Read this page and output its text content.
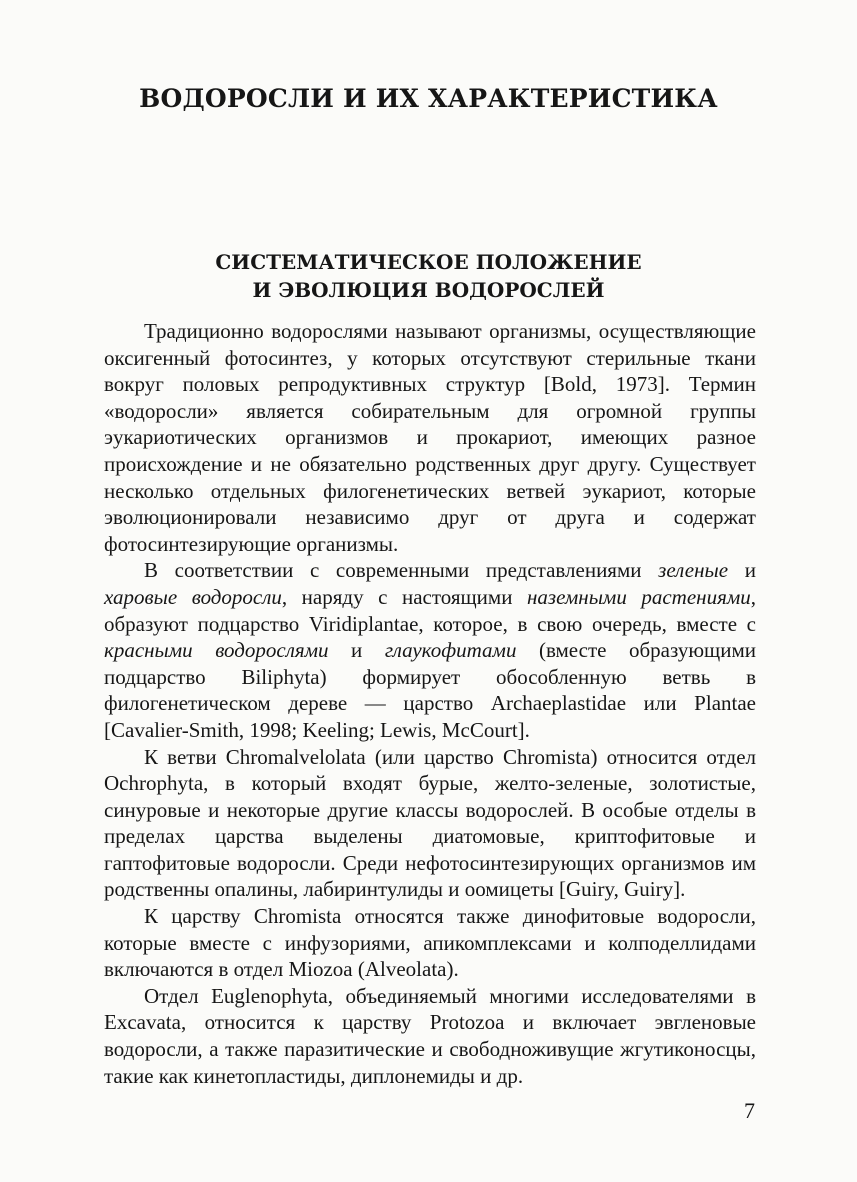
ВОДОРОСЛИ И ИХ ХАРАКТЕРИСТИКА
СИСТЕМАТИЧЕСКОЕ ПОЛОЖЕНИЕ
И ЭВОЛЮЦИЯ ВОДОРОСЛЕЙ

Традиционно водорослями называют организмы, осуществляющие оксигенный фотосинтез, у которых отсутствуют стерильные ткани вокруг половых репродуктивных структур [Bold, 1973]. Термин «водоросли» является собирательным для огромной группы эукариотических организмов и прокариот, имеющих разное происхождение и не обязательно родственных друг другу. Существует несколько отдельных филогенетических ветвей эукариот, которые эволюционировали независимо друг от друга и содержат фотосинтезирующие организмы.

В соответствии с современными представлениями зеленые и харовые водоросли, наряду с настоящими наземными растениями, образуют подцарство Viridiplantae, которое, в свою очередь, вместе с красными водорослями и глаукофитами (вместе образующими подцарство Biliphyta) формирует обособленную ветвь в филогенетическом дереве — царство Archaeplastidae или Plantae [Cavalier-Smith, 1998; Keeling; Lewis, McCourt].

К ветви Chromalvelolata (или царство Chromista) относится отдел Ochrophyta, в который входят бурые, желто-зеленые, золотистые, синуровые и некоторые другие классы водорослей. В особые отделы в пределах царства выделены диатомовые, криптофитовые и гаптофитовые водоросли. Среди нефотосинтезирующих организмов им родственны опалины, лабиринтулиды и оомицеты [Guiry, Guiry].

К царству Chromista относятся также динофитовые водоросли, которые вместе с инфузориями, апикомплексами и колподеллидами включаются в отдел Miozoa (Alveolata).

Отдел Euglenophyta, объединяемый многими исследователями в Excavata, относится к царству Protozoa и включает эвгленовые водоросли, а также паразитические и свободноживущие жгутиконосцы, такие как кинетопластиды, диплонемиды и др.

7
